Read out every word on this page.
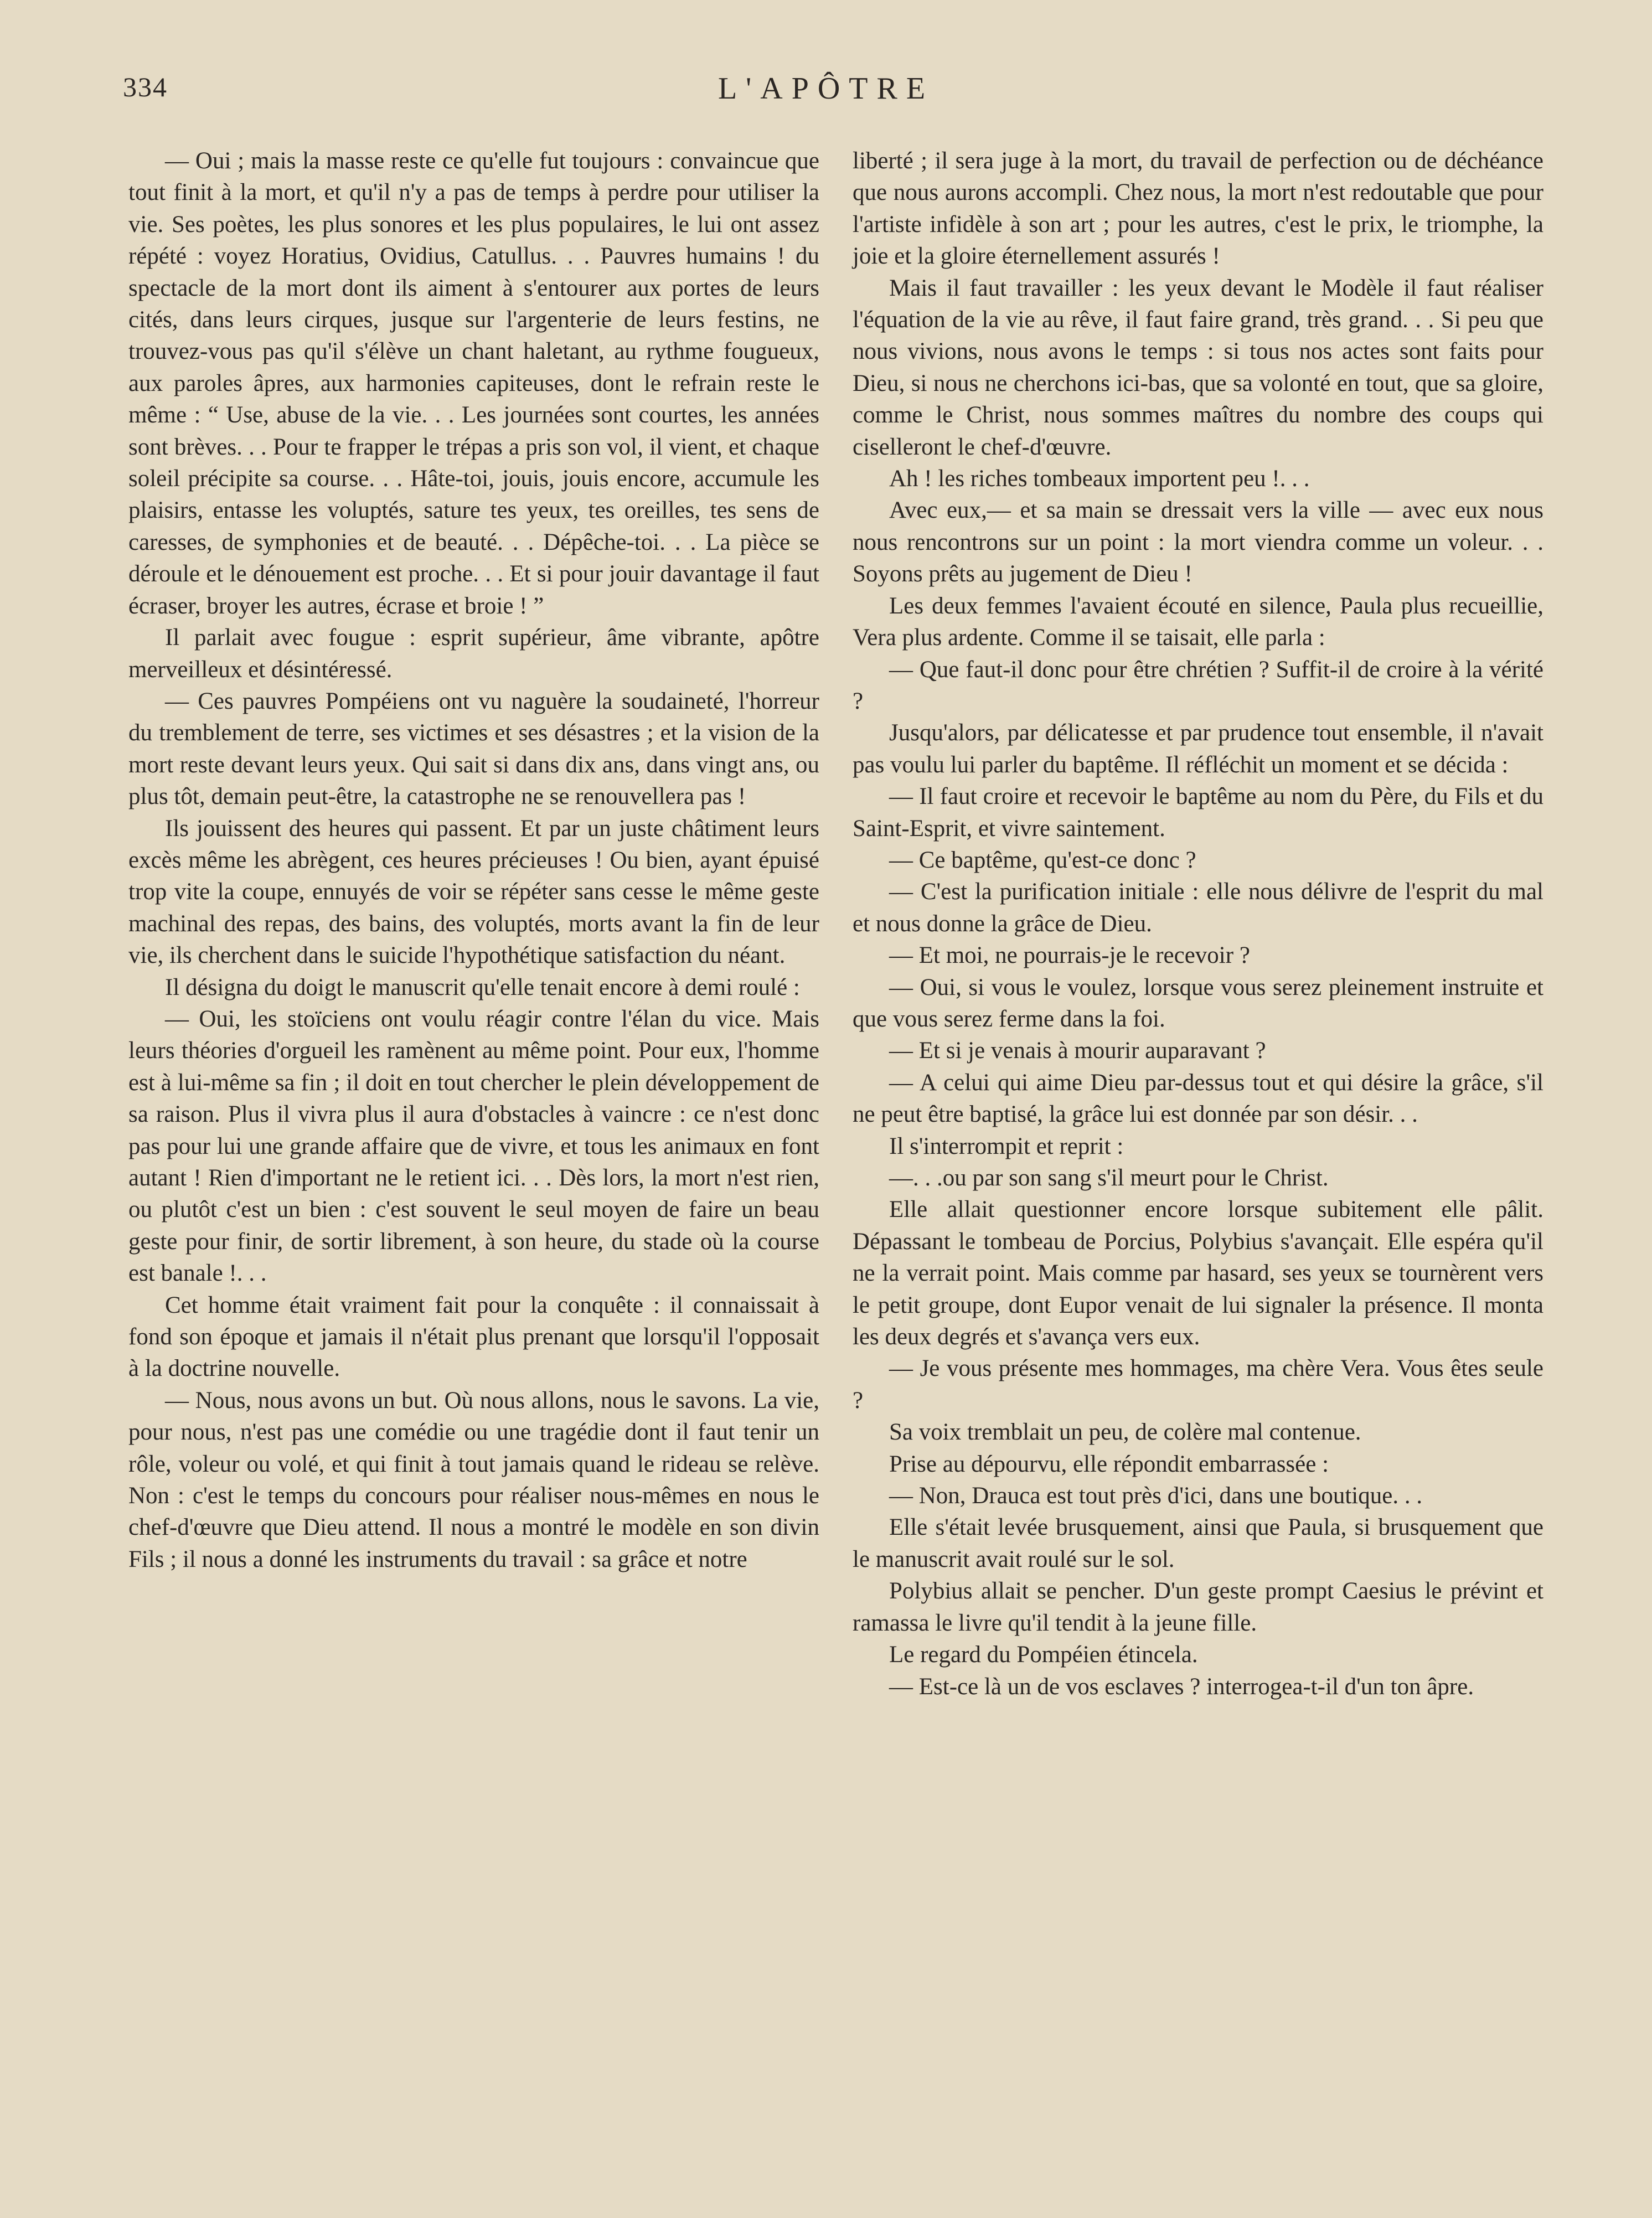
334	L'APÔTRE

— Oui ; mais la masse reste ce qu'elle fut toujours : convaincue que tout finit à la mort, et qu'il n'y a pas de temps à perdre pour utiliser la vie. Ses poètes, les plus sonores et les plus populaires, le lui ont assez répété : voyez Horatius, Ovidius, Catullus. . . Pauvres humains ! du spectacle de la mort dont ils aiment à s'entourer aux portes de leurs cités, dans leurs cirques, jusque sur l'argenterie de leurs festins, ne trouvez-vous pas qu'il s'élève un chant haletant, au rythme fougueux, aux paroles âpres, aux harmonies capiteuses, dont le refrain reste le même : “ Use, abuse de la vie. . . Les journées sont courtes, les années sont brèves. . . Pour te frapper le trépas a pris son vol, il vient, et chaque soleil précipite sa course. . . Hâte-toi, jouis, jouis encore, accumule les plaisirs, entasse les voluptés, sature tes yeux, tes oreilles, tes sens de caresses, de symphonies et de beauté. . . Dépêche-toi. . . La pièce se déroule et le dénouement est proche. . . Et si pour jouir davantage il faut écraser, broyer les autres, écrase et broie ! ”

Il parlait avec fougue : esprit supérieur, âme vibrante, apôtre merveilleux et désintéressé.

— Ces pauvres Pompéiens ont vu naguère la soudaineté, l'horreur du tremblement de terre, ses victimes et ses désastres ; et la vision de la mort reste devant leurs yeux. Qui sait si dans dix ans, dans vingt ans, ou plus tôt, demain peut-être, la catastrophe ne se renouvellera pas !

Ils jouissent des heures qui passent. Et par un juste châtiment leurs excès même les abrègent, ces heures précieuses ! Ou bien, ayant épuisé trop vite la coupe, ennuyés de voir se répéter sans cesse le même geste machinal des repas, des bains, des voluptés, morts avant la fin de leur vie, ils cherchent dans le suicide l'hypothétique satisfaction du néant.

Il désigna du doigt le manuscrit qu'elle tenait encore à demi roulé :

— Oui, les stoïciens ont voulu réagir contre l'élan du vice. Mais leurs théories d'orgueil les ramènent au même point. Pour eux, l'homme est à lui-même sa fin ; il doit en tout chercher le plein développement de sa raison. Plus il vivra plus il aura d'obstacles à vaincre : ce n'est donc pas pour lui une grande affaire que de vivre, et tous les animaux en font autant ! Rien d'important ne le retient ici. . . Dès lors, la mort n'est rien, ou plutôt c'est un bien : c'est souvent le seul moyen de faire un beau geste pour finir, de sortir librement, à son heure, du stade où la course est banale !. . .

Cet homme était vraiment fait pour la conquête : il connaissait à fond son époque et jamais il n'était plus prenant que lorsqu'il l'opposait à la doctrine nouvelle.

— Nous, nous avons un but. Où nous allons, nous le savons. La vie, pour nous, n'est pas une comédie ou une tragédie dont il faut tenir un rôle, voleur ou volé, et qui finit à tout jamais quand le rideau se relève. Non : c'est le temps du concours pour réaliser nous-mêmes en nous le chef-d'œuvre que Dieu attend. Il nous a montré le modèle en son divin Fils ; il nous a donné les instruments du travail : sa grâce et notre

liberté ; il sera juge à la mort, du travail de perfection ou de déchéance que nous aurons accompli. Chez nous, la mort n'est redoutable que pour l'artiste infidèle à son art ; pour les autres, c'est le prix, le triomphe, la joie et la gloire éternellement assurés !

Mais il faut travailler : les yeux devant le Modèle il faut réaliser l'équation de la vie au rêve, il faut faire grand, très grand. . . Si peu que nous vivions, nous avons le temps : si tous nos actes sont faits pour Dieu, si nous ne cherchons ici-bas, que sa volonté en tout, que sa gloire, comme le Christ, nous sommes maîtres du nombre des coups qui ciselleront le chef-d'œuvre.

Ah ! les riches tombeaux importent peu !. . .

Avec eux,— et sa main se dressait vers la ville — avec eux nous nous rencontrons sur un point : la mort viendra comme un voleur. . . Soyons prêts au jugement de Dieu !

Les deux femmes l'avaient écouté en silence, Paula plus recueillie, Vera plus ardente. Comme il se taisait, elle parla :

— Que faut-il donc pour être chrétien ? Suffit-il de croire à la vérité ?

Jusqu'alors, par délicatesse et par prudence tout ensemble, il n'avait pas voulu lui parler du baptême. Il réfléchit un moment et se décida :

— Il faut croire et recevoir le baptême au nom du Père, du Fils et du Saint-Esprit, et vivre saintement.

— Ce baptême, qu'est-ce donc ?

— C'est la purification initiale : elle nous délivre de l'esprit du mal et nous donne la grâce de Dieu.

— Et moi, ne pourrais-je le recevoir ?

— Oui, si vous le voulez, lorsque vous serez pleinement instruite et que vous serez ferme dans la foi.

— Et si je venais à mourir auparavant ?

— A celui qui aime Dieu par-dessus tout et qui désire la grâce, s'il ne peut être baptisé, la grâce lui est donnée par son désir. . .

Il s'interrompit et reprit :

—. . .ou par son sang s'il meurt pour le Christ.

Elle allait questionner encore lorsque subitement elle pâlit. Dépassant le tombeau de Porcius, Polybius s'avançait. Elle espéra qu'il ne la verrait point. Mais comme par hasard, ses yeux se tournèrent vers le petit groupe, dont Eupor venait de lui signaler la présence. Il monta les deux degrés et s'avança vers eux.

— Je vous présente mes hommages, ma chère Vera. Vous êtes seule ?

Sa voix tremblait un peu, de colère mal contenue.

Prise au dépourvu, elle répondit embarrassée :

— Non, Drauca est tout près d'ici, dans une boutique. . .

Elle s'était levée brusquement, ainsi que Paula, si brusquement que le manuscrit avait roulé sur le sol.

Polybius allait se pencher. D'un geste prompt Caesius le prévint et ramassa le livre qu'il tendit à la jeune fille.

Le regard du Pompéien étincela.

— Est-ce là un de vos esclaves ? interrogea-t-il d'un ton âpre.
